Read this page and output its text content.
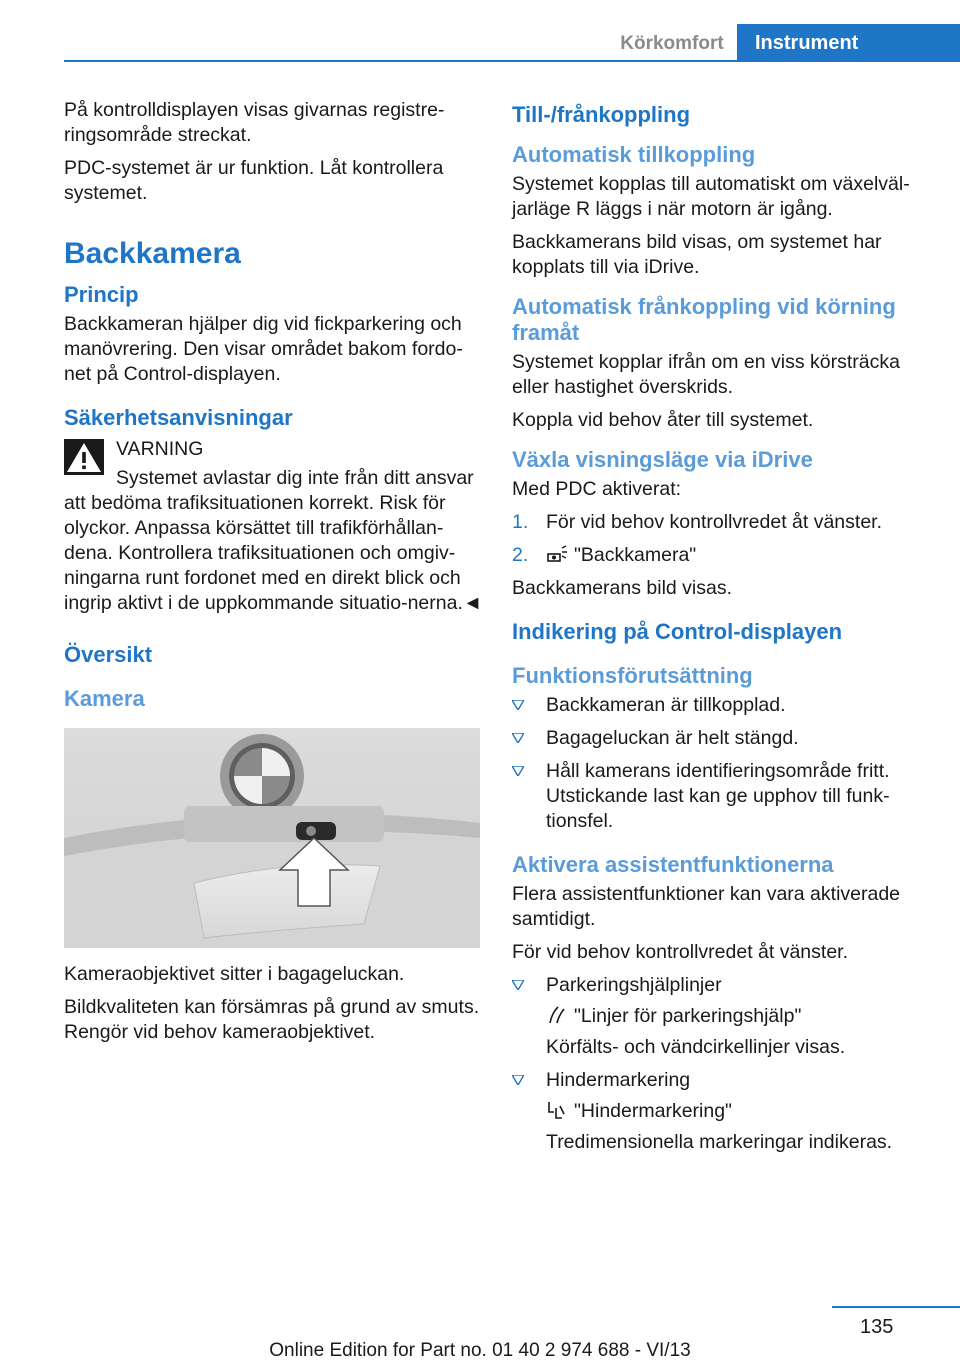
Körkomfort	Instrument

På kontrolldisplayen visas givarnas registre-ringsområde streckat.

PDC-systemet är ur funktion. Låt kontrollera systemet.

Backkamera
Princip

Backkameran hjälper dig vid fickparkering och manövrering. Den visar området bakom fordo-net på Control-displayen.

Säkerhetsanvisningar

VARNING

Systemet avlastar dig inte från ditt ansvar

att bedöma trafiksituationen korrekt. Risk för olyckor. Anpassa körsättet till trafikförhållan-dena. Kontrollera trafiksituationen och omgiv-ningarna runt fordonet med en direkt blick och ingrip aktivt i de uppkommande situatio-nerna.◄

Översikt
Kamera

Kameraobjektivet sitter i bagageluckan.

Bildkvaliteten kan försämras på grund av smuts. Rengör vid behov kameraobjektivet.

Till-/frånkoppling
Automatisk tillkoppling

Systemet kopplas till automatiskt om växelväl-jarläge R läggs i när motorn är igång.

Backkamerans bild visas, om systemet har kopplats till via iDrive.

Automatisk frånkoppling vid körning framåt

Systemet kopplar ifrån om en viss körsträcka eller hastighet överskrids.

Koppla vid behov åter till systemet.

Växla visningsläge via iDrive

Med PDC aktiverat:

1. För vid behov kontrollvredet åt vänster.
2. "Backkamera"

Backkamerans bild visas.

Indikering på Control-displayen
Funktionsförutsättning
Backkameran är tillkopplad.
Bagageluckan är helt stängd.
Håll kamerans identifieringsområde fritt. Utstickande last kan ge upphov till funk-tionsfel.
Aktivera assistentfunktionerna

Flera assistentfunktioner kan vara aktiverade samtidigt.

För vid behov kontrollvredet åt vänster.

Parkeringshjälplinjer
"Linjer för parkeringshjälp"
Körfälts- och vändcirkellinjer visas.
Hindermarkering
"Hindermarkering"
Tredimensionella markeringar indikeras.
135
Online Edition for Part no. 01 40 2 974 688 - VI/13
